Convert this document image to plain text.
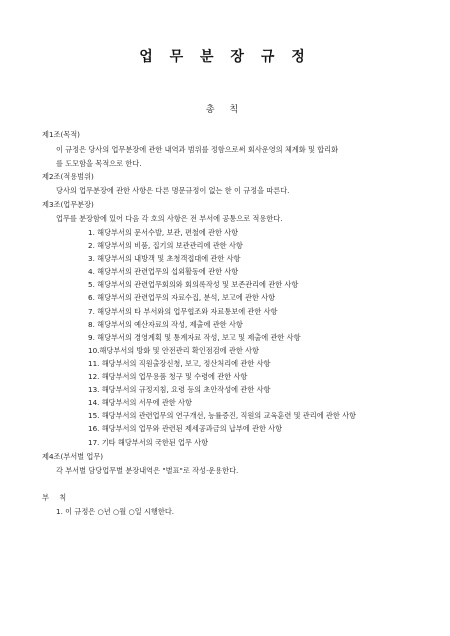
업 무 분 장 규 정
총 칙
제1조(목적)
이 규정은 당사의 업무분장에 관한 내역과 범위를 정함으로써 회사운영의 체계화 및 합리화
를 도모함을 목적으로 한다.
제2조(적용범위)
당사의 업무분장에 관한 사항은 다른 명문규정이 없는 한 이 규정을 따른다.
제3조(업무분장)
업무를 분장함에 있어 다음 각 호의 사항은 전 부서에 공통으로 적용한다.
1. 해당부서의 문서수발, 보관, 편철에 관한 사항
2. 해당부서의 비품, 집기의 보관관리에 관한 사항
3. 해당부서의 내방객 및 초청객접대에 관한 사항
4. 해당부서의 관련업무의 섭외활동에 관한 사항
5. 해당부서의 관련업무회의와 회의록작성 및 보존관리에 관한 사항
6. 해당부서의 관련업무의 자료수집, 분석, 보고에 관한 사항
7. 해당부서의 타 부서와의 업무협조와 자료통보에 관한 사항
8. 해당부서의 예산자료의 작성, 제출에 관한 사항
9. 해당부서의 경영계획 및 통계자료 작성, 보고 및 제출에 관한 사항
10.해당부서의 방화 및 안전관리 확인점검에 관한 사항
11. 해당부서의 직원출장신청, 보고, 정산처리에 관한 사항
12. 해당부서의 업무용품 청구 및 수령에 관한 사항
13. 해당부서의 규정지침, 요령 등의 초안작성에 관한 사항
14. 해당부서의 서무에 관한 사항
15. 해당부서의 관련업무의 연구개선, 능률증진, 직원의 교육훈련 및 관리에 관한 사항
16. 해당부서의 업무와 관련된 제세공과금의 납부에 관한 사항
17. 기타 해당부서의 국한된 업무 사항
제4조(부서별 업무)
각 부서별 담당업무별 분장내역은 "별표"로 작성·운용한다.
부 칙
1. 이 규정은 ○년 ○월 ○일 시행한다.
